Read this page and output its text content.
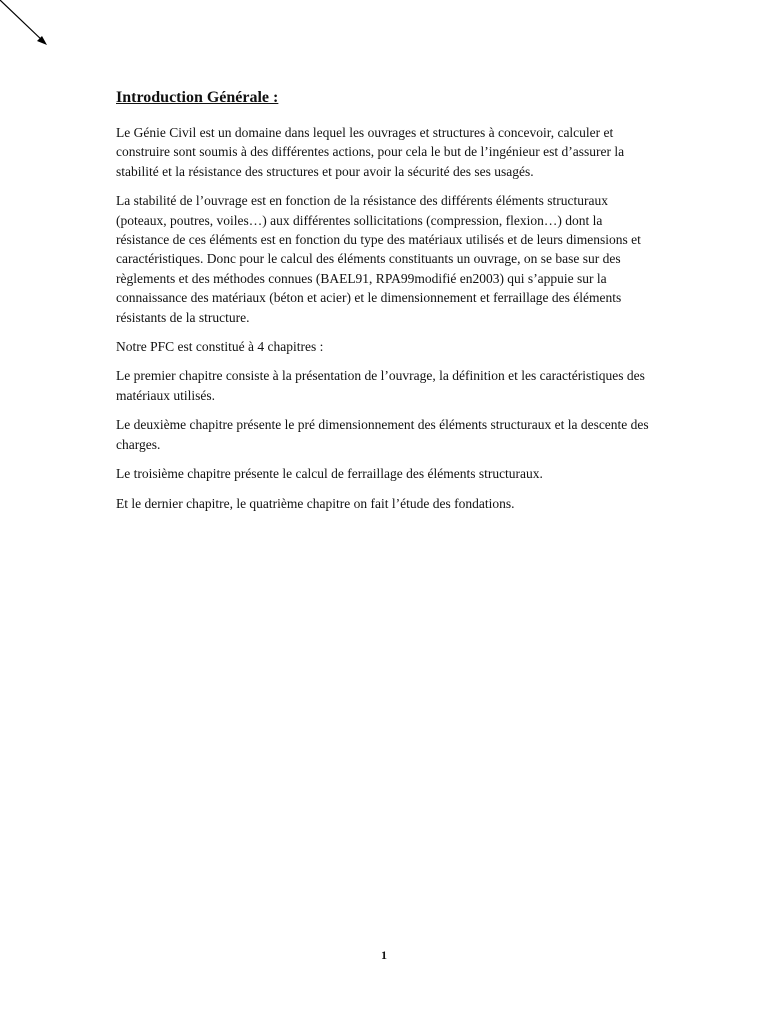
Introduction Générale :

Le Génie Civil est un domaine dans lequel les ouvrages et structures à concevoir, calculer et construire sont soumis à des différentes actions, pour cela le but de l’ingénieur est d’assurer la stabilité et la résistance des structures et pour avoir la sécurité des ses usagés.

La stabilité de l’ouvrage est en fonction de la résistance des différents éléments structuraux (poteaux, poutres, voiles…) aux différentes sollicitations (compression, flexion…) dont la résistance de ces éléments est en fonction du type des matériaux utilisés et de leurs dimensions et caractéristiques. Donc pour le calcul des éléments constituants un ouvrage, on se base sur des règlements et des méthodes connues (BAEL91, RPA99modifié en2003) qui s’appuie sur la connaissance des matériaux (béton et acier) et le dimensionnement et ferraillage des éléments résistants de la structure.

Notre PFC est constitué à 4 chapitres :

Le premier chapitre consiste à la présentation de l’ouvrage, la définition et les caractéristiques des matériaux utilisés.

Le deuxième chapitre présente le pré dimensionnement des éléments structuraux et la descente des charges.

Le troisième chapitre présente le calcul de ferraillage des éléments structuraux.

Et le dernier chapitre, le quatrième chapitre on fait l’étude des fondations.

1
